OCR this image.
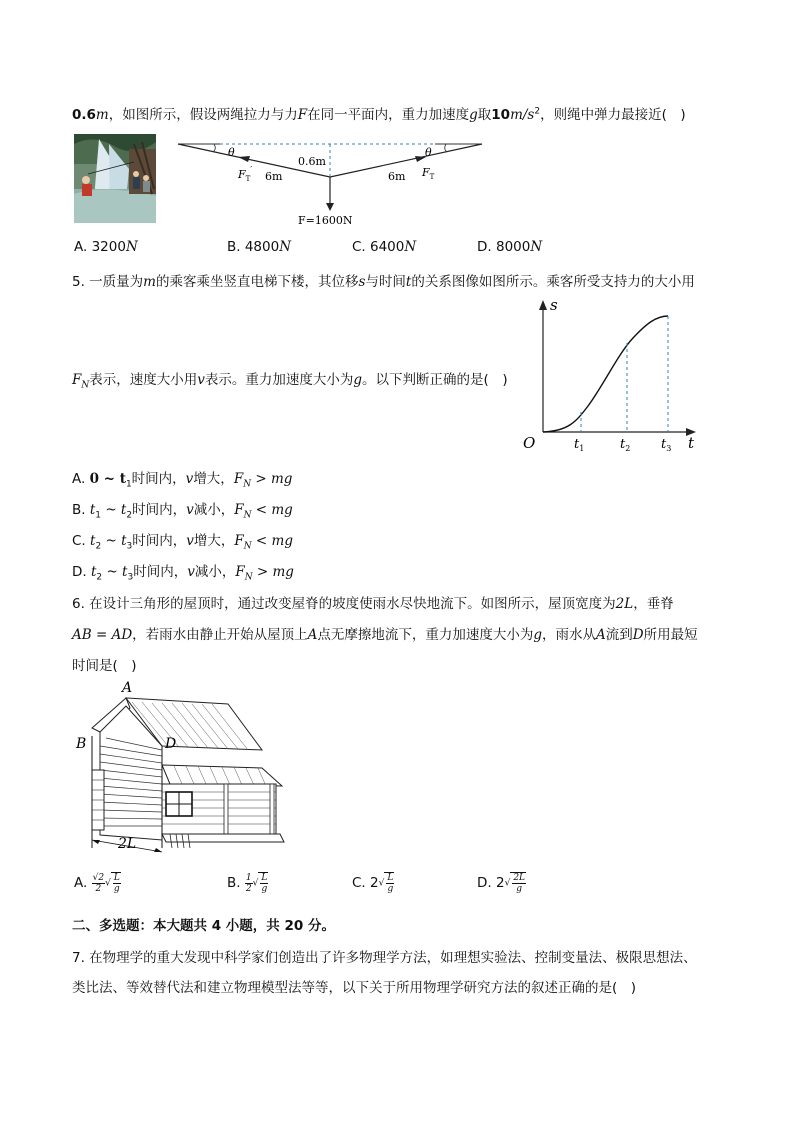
0.6m，如图所示，假设两绳拉力与力F在同一平面内，重力加速度g取$10m/s^2$，则绳中弹力最接近(　)
θ	θ
0.6m
6m	6m
$F_T'$	$F_T$
F=1600N
A. 3200N	B. 4800N	C. 6400N	D. 8000N
5. 一质量为m的乘客乘坐竖直电梯下楼，其位移s与时间t的关系图像如图所示。乘客所受支持力的大小用
$F_N$表示，速度大小用v表示。重力加速度大小为g。以下判断正确的是(　)
s
t
O	$t_1$	$t_2$ $t_3$
A. 0 ~ $t_1$时间内，v增大，$F_N$ > mg
B. $t_1$ ~ $t_2$时间内，v减小，$F_N$ < mg
C. $t_2$ ~ $t_3$时间内，v增大，$F_N$ < mg
D. $t_2$ ~ $t_3$时间内，v减小，$F_N$ > mg
6. 在设计三角形的屋顶时，通过改变屋脊的坡度使雨水尽快地流下。如图所示，屋顶宽度为2L，垂脊
AB = AD，若雨水由静止开始从屋顶上A点无摩擦地流下，重力加速度大小为g，雨水从A流到D所用最短
时间是(　)
A
B	D
2L
A. $\frac{√2}{2}$ √ $\frac{L}{g}$	B. $\frac{1}{2}$ √ $\frac{L}{g}$	C. $2√ \frac{L}{g}$	D. $2√ \frac{2L}{g}$
二、多选题：本大题共 4 小题，共 20 分。
7. 在物理学的重大发现中科学家们创造出了许多物理学方法，如理想实验法、控制变量法、极限思想法、
类比法、等效替代法和建立物理模型法等等，以下关于所用物理学研究方法的叙述正确的是(　)
